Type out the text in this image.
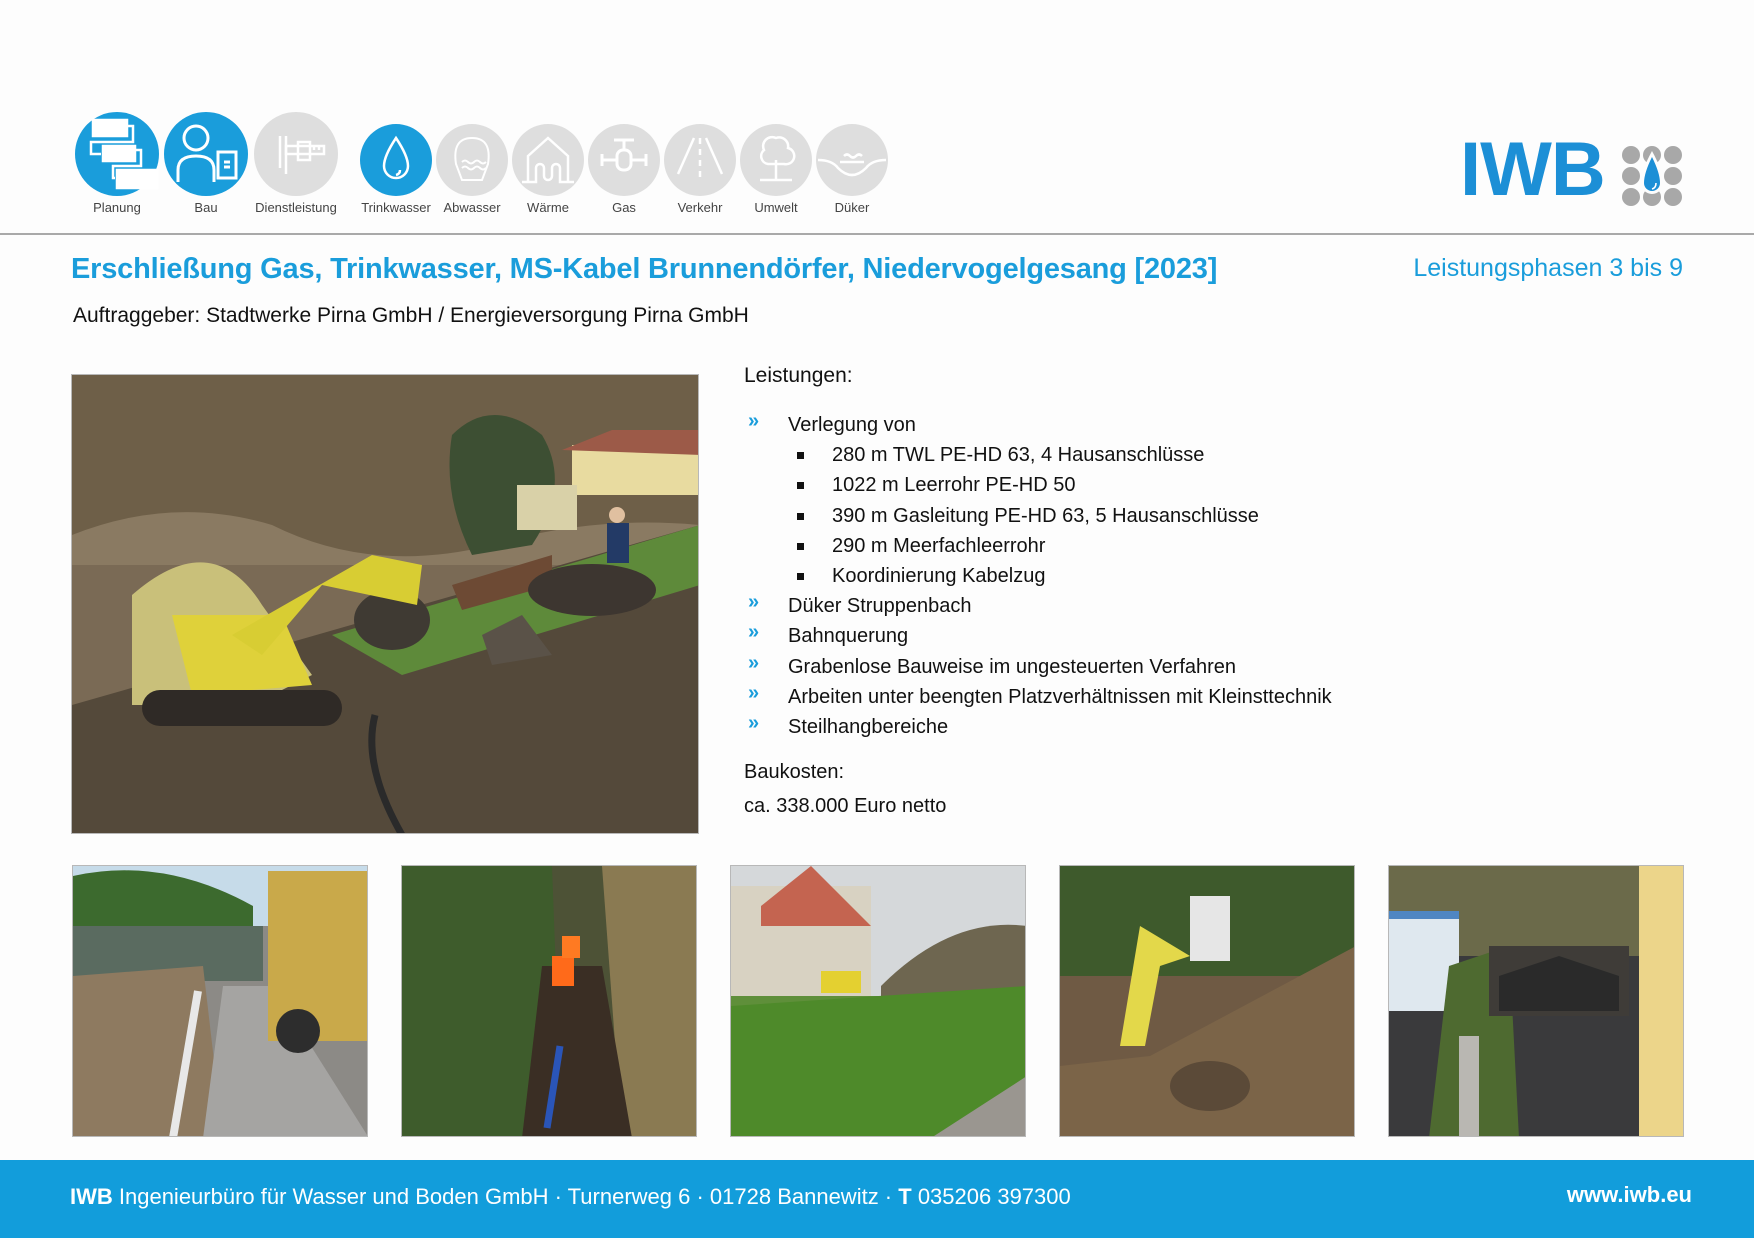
Planung	Bau	Dienstleistung Trinkwasser Abwasser Wärme	Gas	Verkehr Umwelt	Düker	IWB
Erschließung Gas, Trinkwasser, MS-Kabel Brunnendörfer, Niedervogelgesang [2023]	Leistungsphasen 3 bis 9
Auftraggeber: Stadtwerke Pirna GmbH / Energieversorgung Pirna GmbH
Leistungen:
» Verlegung von
280 m TWL PE-HD 63, 4 Hausanschlüsse
1022 m Leerrohr PE-HD 50
390 m Gasleitung PE-HD 63, 5 Hausanschlüsse
290 m Meerfachleerrohr
Koordinierung Kabelzug
» Düker Struppenbach
» Bahnquerung
» Grabenlose Bauweise im ungesteuerten Verfahren
» Arbeiten unter beengten Platzverhältnissen mit Kleinsttechnik
» Steilhangbereiche
Baukosten:
ca. 338.000 Euro netto
IWB Ingenieurbüro für Wasser und Boden GmbH · Turnerweg 6 · 01728 Bannewitz · T 035206 397300	www.iwb.eu
